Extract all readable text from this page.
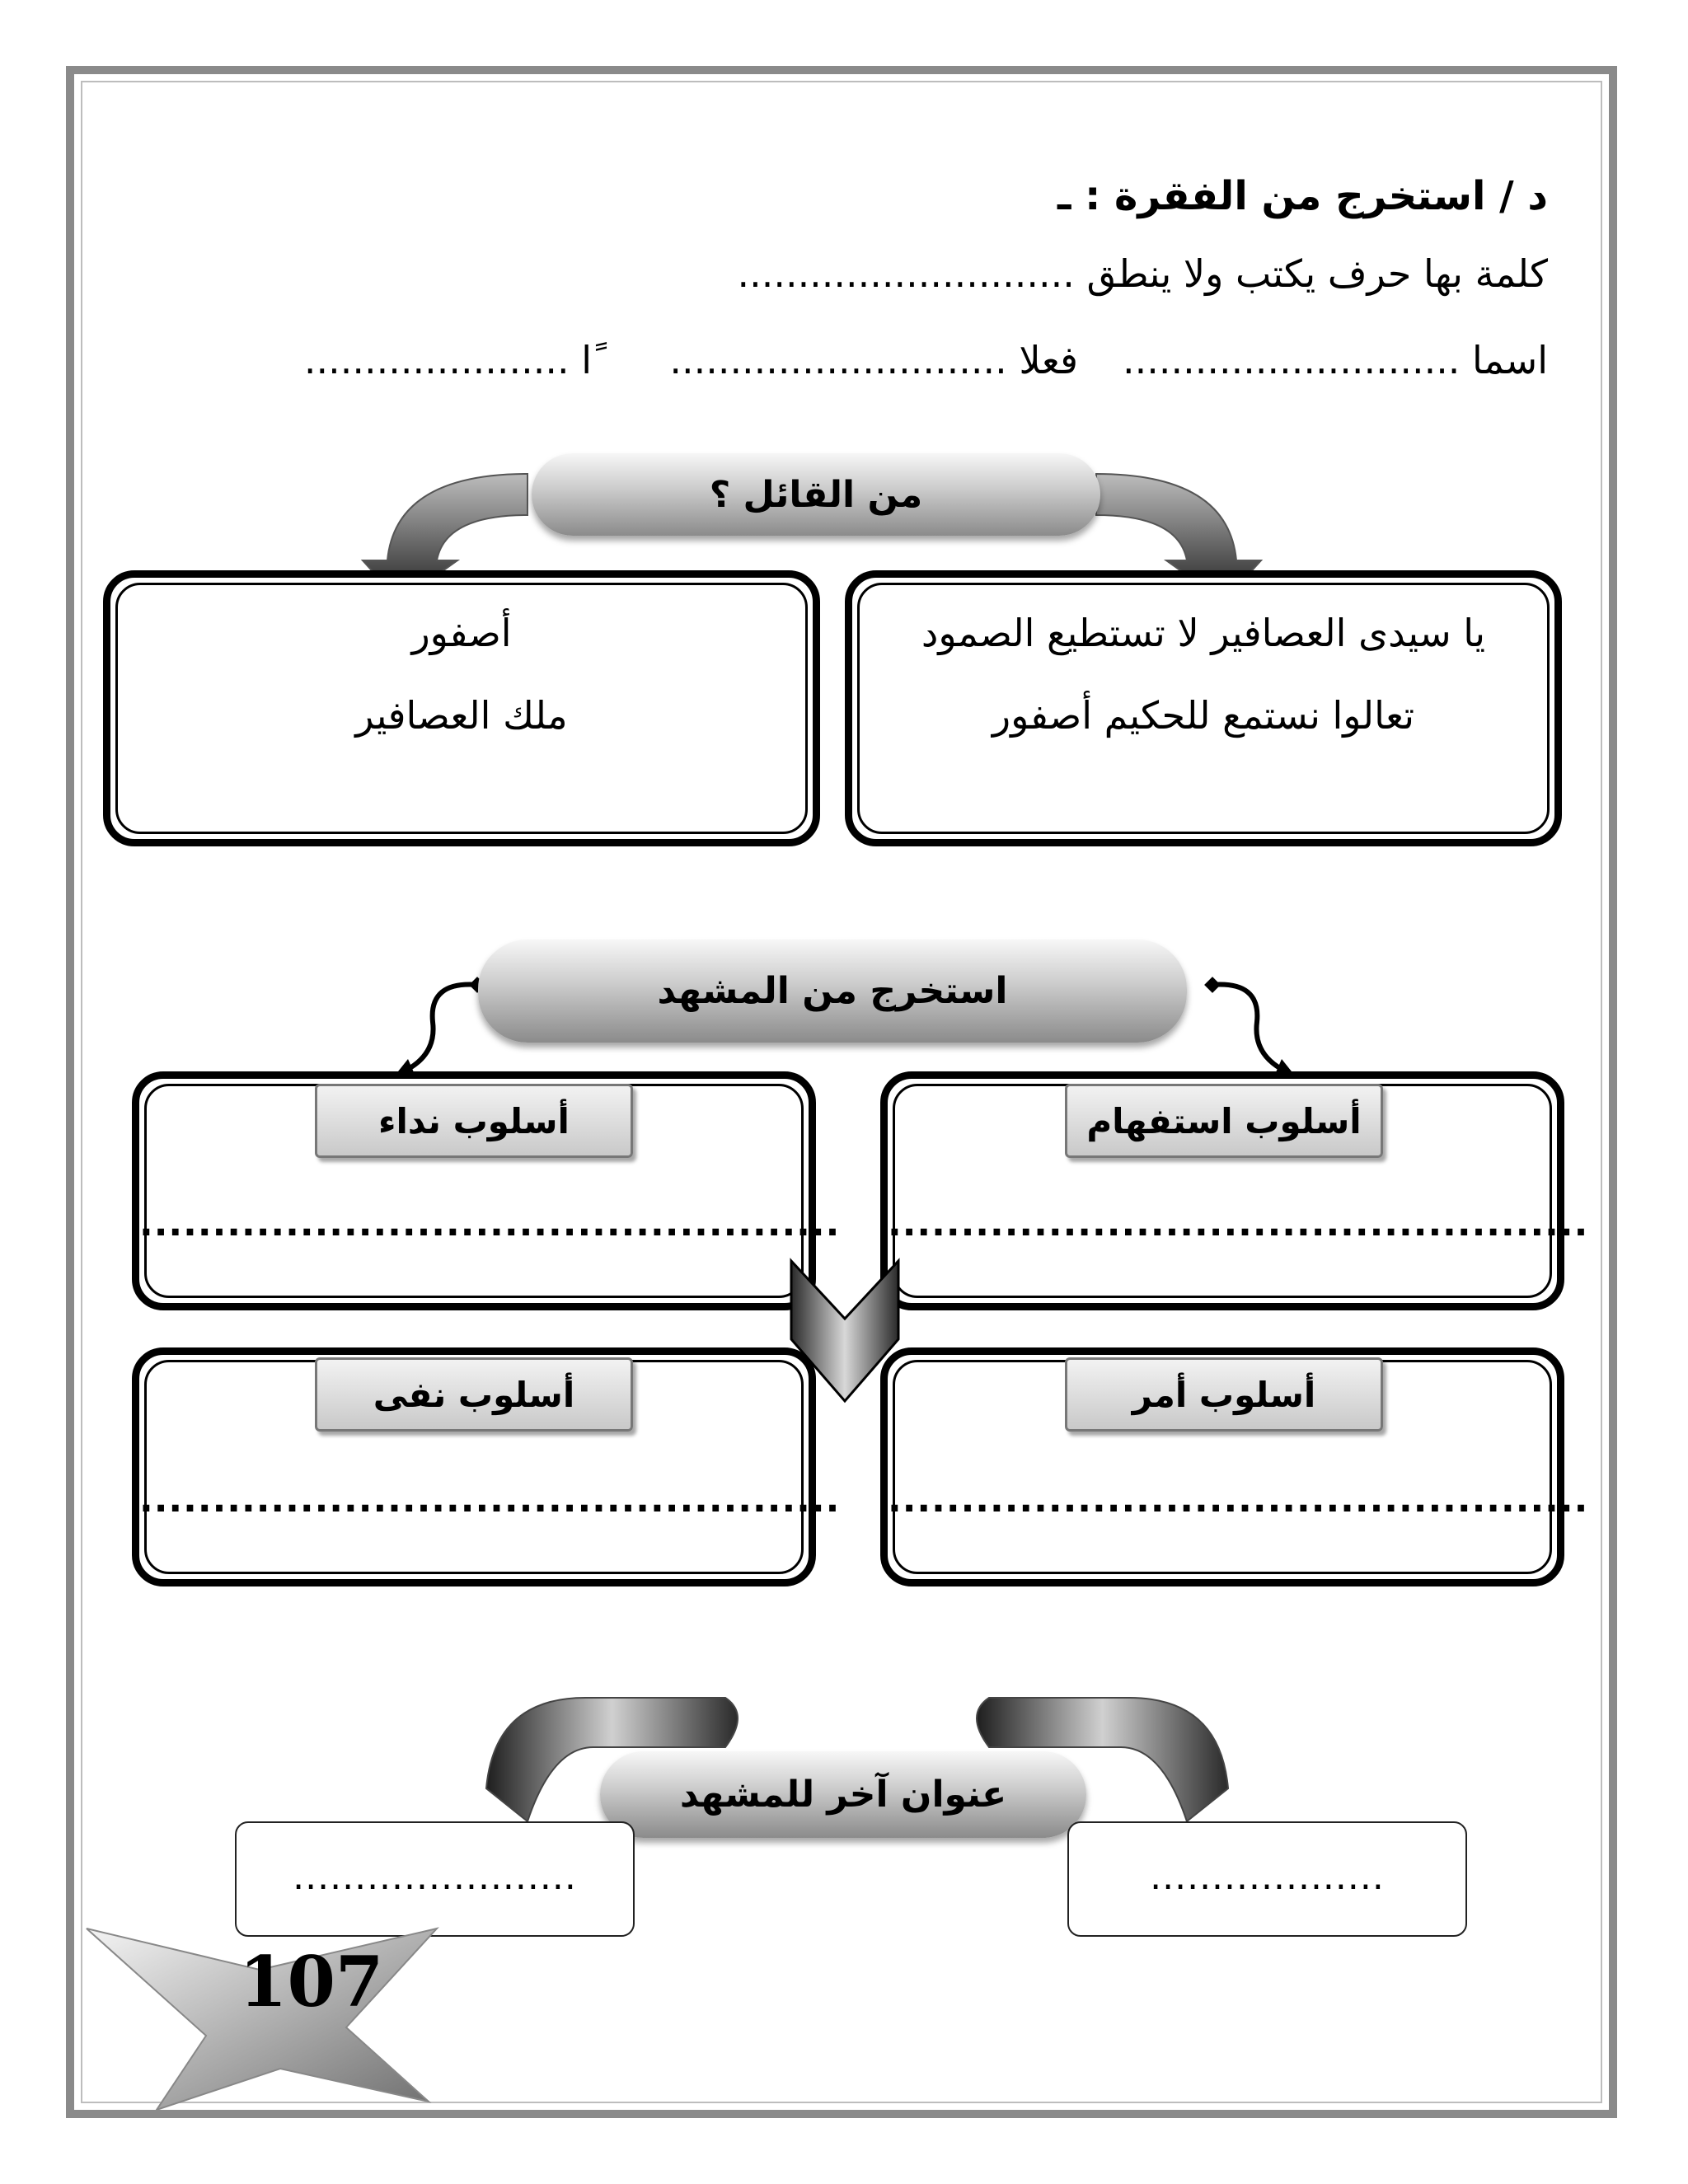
د / استخرج من الفقرة : ـ
كلمة بها حرف يكتب ولا ينطق ............................
اسما ............................
فعلا ............................
ًا ......................
من القائل ؟
يا سيدى العصافير لا تستطيع الصمود
تعالوا نستمع للحكيم أصفور
أصفور
ملك العصافير
استخرج من المشهد
................................................
أسلوب استفهام
................................................
أسلوب نداء
................................................
أسلوب أمر
................................................
أسلوب نفى
عنوان آخر للمشهد
...................
.......................
107
